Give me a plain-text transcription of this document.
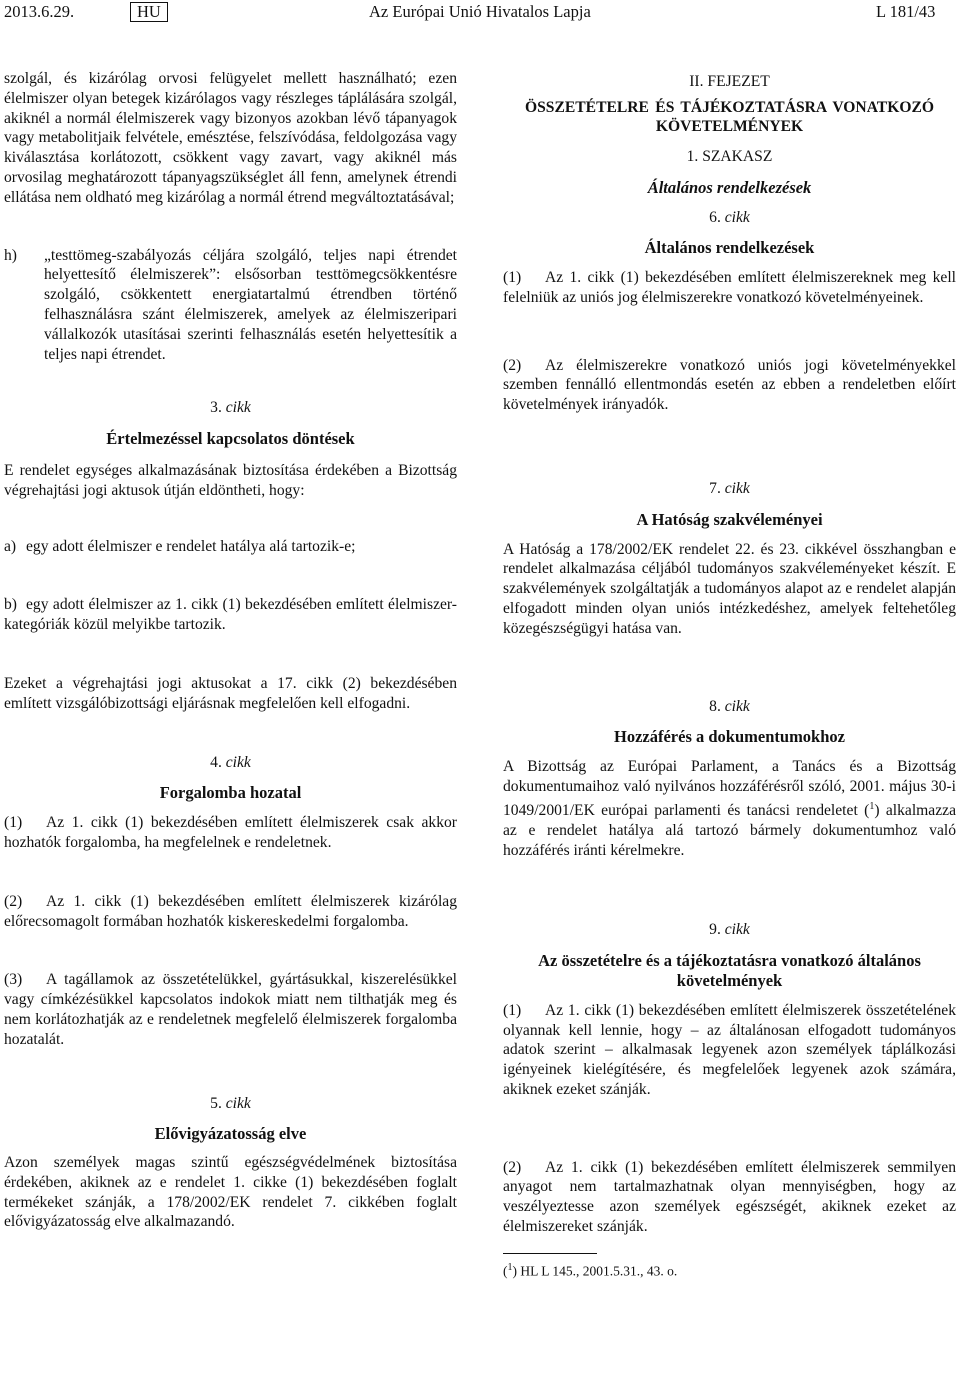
2013.6.29.	HU	Az Európai Unió Hivatalos Lapja	L 181/43

szolgál, és kizárólag orvosi felügyelet mellett használható; ezen élelmiszer olyan betegek kizárólagos vagy részleges táplálására szolgál, akiknél a normál élelmiszerek vagy bizonyos azokban lévő tápanyagok vagy metabolitjaik felvétele, emésztése, felszívódása, feldolgozása vagy kiválasztása korlátozott, csökkent vagy zavart, vagy akiknél más orvosilag meghatározott tápanyagszükséglet áll fenn, amelynek étrendi ellátása nem oldható meg kizárólag a normál étrend megváltoztatásával;

h) „testtömeg-szabályozás céljára szolgáló, teljes napi étrendet helyettesítő élelmiszerek”: elsősorban testtömegcsökkentésre szolgáló, csökkentett energiatartalmú étrendben történő felhasználásra szánt élelmiszerek, amelyek az élelmiszeripari vállalkozók utasításai szerinti felhasználás esetén helyettesítik a teljes napi étrendet.

3. cikk

Értelmezéssel kapcsolatos döntések

E rendelet egységes alkalmazásának biztosítása érdekében a Bizottság végrehajtási jogi aktusok útján eldöntheti, hogy:

a) egy adott élelmiszer e rendelet hatálya alá tartozik-e;

b) egy adott élelmiszer az 1. cikk (1) bekezdésében említett élelmiszer-kategóriák közül melyikbe tartozik.

Ezeket a végrehajtási jogi aktusokat a 17. cikk (2) bekezdésében említett vizsgálóbizottsági eljárásnak megfelelően kell elfogadni.

4. cikk

Forgalomba hozatal

(1) Az 1. cikk (1) bekezdésében említett élelmiszerek csak akkor hozhatók forgalomba, ha megfelelnek e rendeletnek.

(2) Az 1. cikk (1) bekezdésében említett élelmiszerek kizárólag előrecsomagolt formában hozhatók kiskereskedelmi forgalomba.

(3) A tagállamok az összetételükkel, gyártásukkal, kiszerelésükkel vagy címkézésükkel kapcsolatos indokok miatt nem tilthatják meg és nem korlátozhatják az e rendeletnek megfelelő élelmiszerek forgalomba hozatalát.

5. cikk

Elővigyázatosság elve

Azon személyek magas szintű egészségvédelmének biztosítása érdekében, akiknek az e rendelet 1. cikke (1) bekezdésében foglalt termékeket szánják, a 178/2002/EK rendelet 7. cikkében foglalt elővigyázatosság elve alkalmazandó.

II. FEJEZET

ÖSSZETÉTELRE ÉS TÁJÉKOZTATÁSRA VONATKOZÓ KÖVETELMÉNYEK

1. SZAKASZ

Általános rendelkezések

6. cikk

Általános rendelkezések

(1) Az 1. cikk (1) bekezdésében említett élelmiszereknek meg kell felelniük az uniós jog élelmiszerekre vonatkozó követelményeinek.

(2) Az élelmiszerekre vonatkozó uniós jogi követelményekkel szemben fennálló ellentmondás esetén az ebben a rendeletben előírt követelmények irányadók.

7. cikk

A Hatóság szakvéleményei

A Hatóság a 178/2002/EK rendelet 22. és 23. cikkével összhangban e rendelet alkalmazása céljából tudományos szakvéleményeket készít. E szakvélemények szolgáltatják a tudományos alapot az e rendelet alapján elfogadott minden olyan uniós intézkedéshez, amelyek feltehetőleg közegészségügyi hatása van.

8. cikk

Hozzáférés a dokumentumokhoz

A Bizottság az Európai Parlament, a Tanács és a Bizottság dokumentumaihoz való nyilvános hozzáférésről szóló, 2001. május 30-i 1049/2001/EK európai parlamenti és tanácsi rendeletet ($^1$) alkalmazza az e rendelet hatálya alá tartozó bármely dokumentumhoz való hozzáférés iránti kérelmekre.

9. cikk

Az összetételre és a tájékoztatásra vonatkozó általános követelmények

(1) Az 1. cikk (1) bekezdésében említett élelmiszerek összetételének olyannak kell lennie, hogy – az általánosan elfogadott tudományos adatok szerint – alkalmasak legyenek azon személyek táplálkozási igényeinek kielégítésére, és megfelelőek legyenek azok számára, akiknek ezeket szánják.

(2) Az 1. cikk (1) bekezdésében említett élelmiszerek semmilyen anyagot nem tartalmazhatnak olyan mennyiségben, hogy az veszélyeztesse azon személyek egészségét, akiknek ezeket az élelmiszereket szánják.

($^1$) HL L 145., 2001.5.31., 43. o.
